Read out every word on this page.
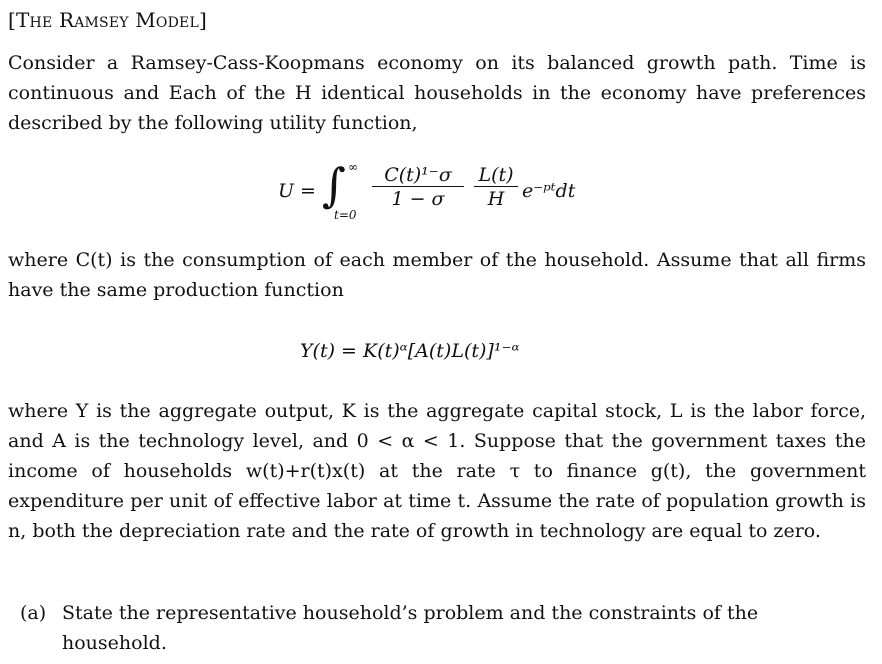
[The Ramsey Model]

Consider a Ramsey-Cass-Koopmans economy on its balanced growth path. Time is continuous and Each of the H identical households in the economy have preferences described by the following utility function,

U = ∫ ∞
t=0
$\frac{\text{C(t)¹⁻σ}}{1 - \sigma} \frac{L(t)}{H}$ e⁻ᵖᵗdt

where C(t) is the consumption of each member of the household. Assume that all firms have the same production function

Y(t) = K(t)ᵅ[A(t)L(t)]¹⁻ᵅ

where Y is the aggregate output, K is the aggregate capital stock, L is the labor force, and A is the technology level, and 0 < α < 1. Suppose that the government taxes the income of households w(t)+r(t)x(t) at the rate τ to finance g(t), the government expenditure per unit of effective labor at time t. Assume the rate of population growth is n, both the depreciation rate and the rate of growth in technology are equal to zero.

(a) State the representative household’s problem and the constraints of the household.
